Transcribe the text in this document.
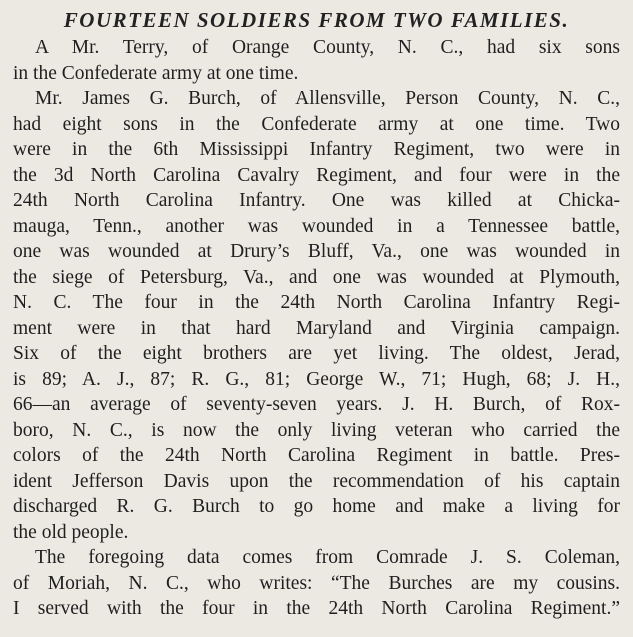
FOURTEEN SOLDIERS FROM TWO FAMILIES.
A Mr. Terry, of Orange County, N. C., had six sons
in the Confederate army at one time.
Mr. James G. Burch, of Allensville, Person County, N. C.,
had eight sons in the Confederate army at one time. Two
were in the 6th Mississippi Infantry Regiment, two were in
the 3d North Carolina Cavalry Regiment, and four were in the
24th North Carolina Infantry. One was killed at Chicka-
mauga, Tenn., another was wounded in a Tennessee battle,
one was wounded at Drury’s Bluff, Va., one was wounded in
the siege of Petersburg, Va., and one was wounded at Plymouth,
N. C. The four in the 24th North Carolina Infantry Regi-
ment were in that hard Maryland and Virginia campaign.
Six of the eight brothers are yet living. The oldest, Jerad,
is 89; A. J., 87; R. G., 81; George W., 71; Hugh, 68; J. H.,
66—an average of seventy-seven years. J. H. Burch, of Rox-
boro, N. C., is now the only living veteran who carried the
colors of the 24th North Carolina Regiment in battle. Pres-
ident Jefferson Davis upon the recommendation of his captain
discharged R. G. Burch to go home and make a living for
the old people.
The foregoing data comes from Comrade J. S. Coleman,
of Moriah, N. C., who writes: “The Burches are my cousins.
I served with the four in the 24th North Carolina Regiment.”
